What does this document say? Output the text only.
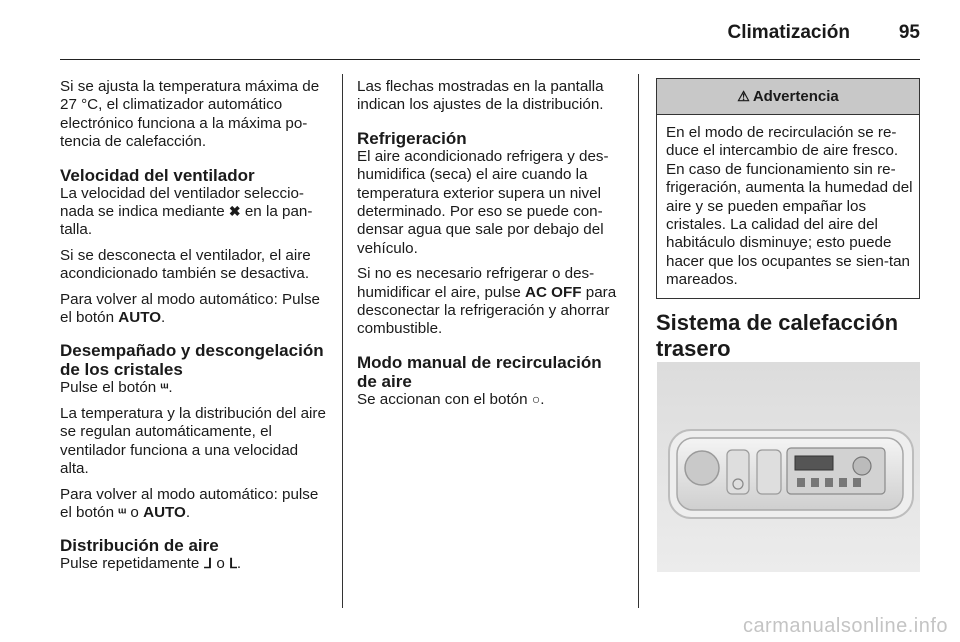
Climatización	95

Si se ajusta la temperatura máxima de 27 °C, el climatizador automático electrónico funciona a la máxima po-tencia de calefacción.

Velocidad del ventilador

La velocidad del ventilador seleccio-nada se indica mediante ✖ en la pan-talla.

Si se desconecta el ventilador, el aire acondicionado también se desactiva.

Para volver al modo automático: Pulse el botón AUTO.

Desempañado y descongelación de los cristales

Pulse el botón ᵚ.

La temperatura y la distribución del aire se regulan automáticamente, el ventilador funciona a una velocidad alta.

Para volver al modo automático: pulse el botón ᵚ o AUTO.

Distribución de aire

Pulse repetidamente ᒧ o ᒪ.

Las flechas mostradas en la pantalla indican los ajustes de la distribución.

Refrigeración

El aire acondicionado refrigera y des-humidifica (seca) el aire cuando la temperatura exterior supera un nivel determinado. Por eso se puede con-densar agua que sale por debajo del vehículo.

Si no es necesario refrigerar o des-humidificar el aire, pulse AC OFF para desconectar la refrigeración y ahorrar combustible.

Modo manual de recirculación de aire

Se accionan con el botón ○.

⚠ Advertencia
En el modo de recirculación se re-duce el intercambio de aire fresco. En caso de funcionamiento sin re-frigeración, aumenta la humedad del aire y se pueden empañar los cristales. La calidad del aire del habitáculo disminuye; esto puede hacer que los ocupantes se sien-tan mareados.
Sistema de calefacción trasero
carmanualsonline.info
